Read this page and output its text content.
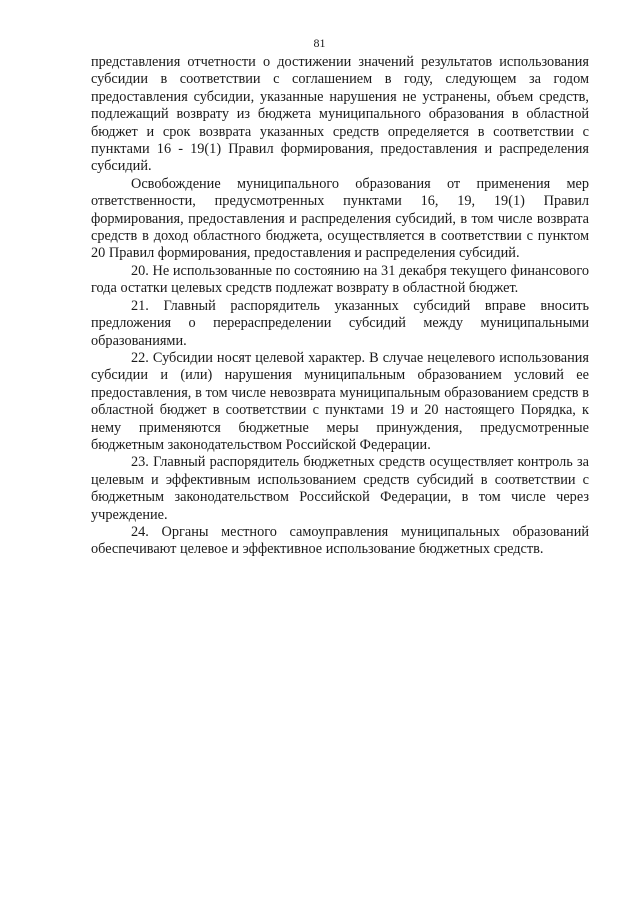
81

представления отчетности о достижении значений результатов использования субсидии в соответствии с соглашением в году, следующем за годом предоставления субсидии, указанные нарушения не устранены, объем средств, подлежащий возврату из бюджета муниципального образования в областной бюджет и срок возврата указанных средств определяется в соответствии с пунктами 16 - 19(1) Правил формирования, предоставления и распределения субсидий.

Освобождение муниципального образования от применения мер ответственности, предусмотренных пунктами 16, 19, 19(1) Правил формирования, предоставления и распределения субсидий, в том числе возврата средств в доход областного бюджета, осуществляется в соответствии с пунктом 20 Правил формирования, предоставления и распределения субсидий.

20. Не использованные по состоянию на 31 декабря текущего финансового года остатки целевых средств подлежат возврату в областной бюджет.

21. Главный распорядитель указанных субсидий вправе вносить предложения о перераспределении субсидий между муниципальными образованиями.

22. Субсидии носят целевой характер. В случае нецелевого использования субсидии и (или) нарушения муниципальным образованием условий ее предоставления, в том числе невозврата муниципальным образованием средств в областной бюджет в соответствии с пунктами 19 и 20 настоящего Порядка, к нему применяются бюджетные меры принуждения, предусмотренные бюджетным законодательством Российской Федерации.

23. Главный распорядитель бюджетных средств осуществляет контроль за целевым и эффективным использованием средств субсидий в соответствии с бюджетным законодательством Российской Федерации, в том числе через учреждение.

24. Органы местного самоуправления муниципальных образований обеспечивают целевое и эффективное использование бюджетных средств.
